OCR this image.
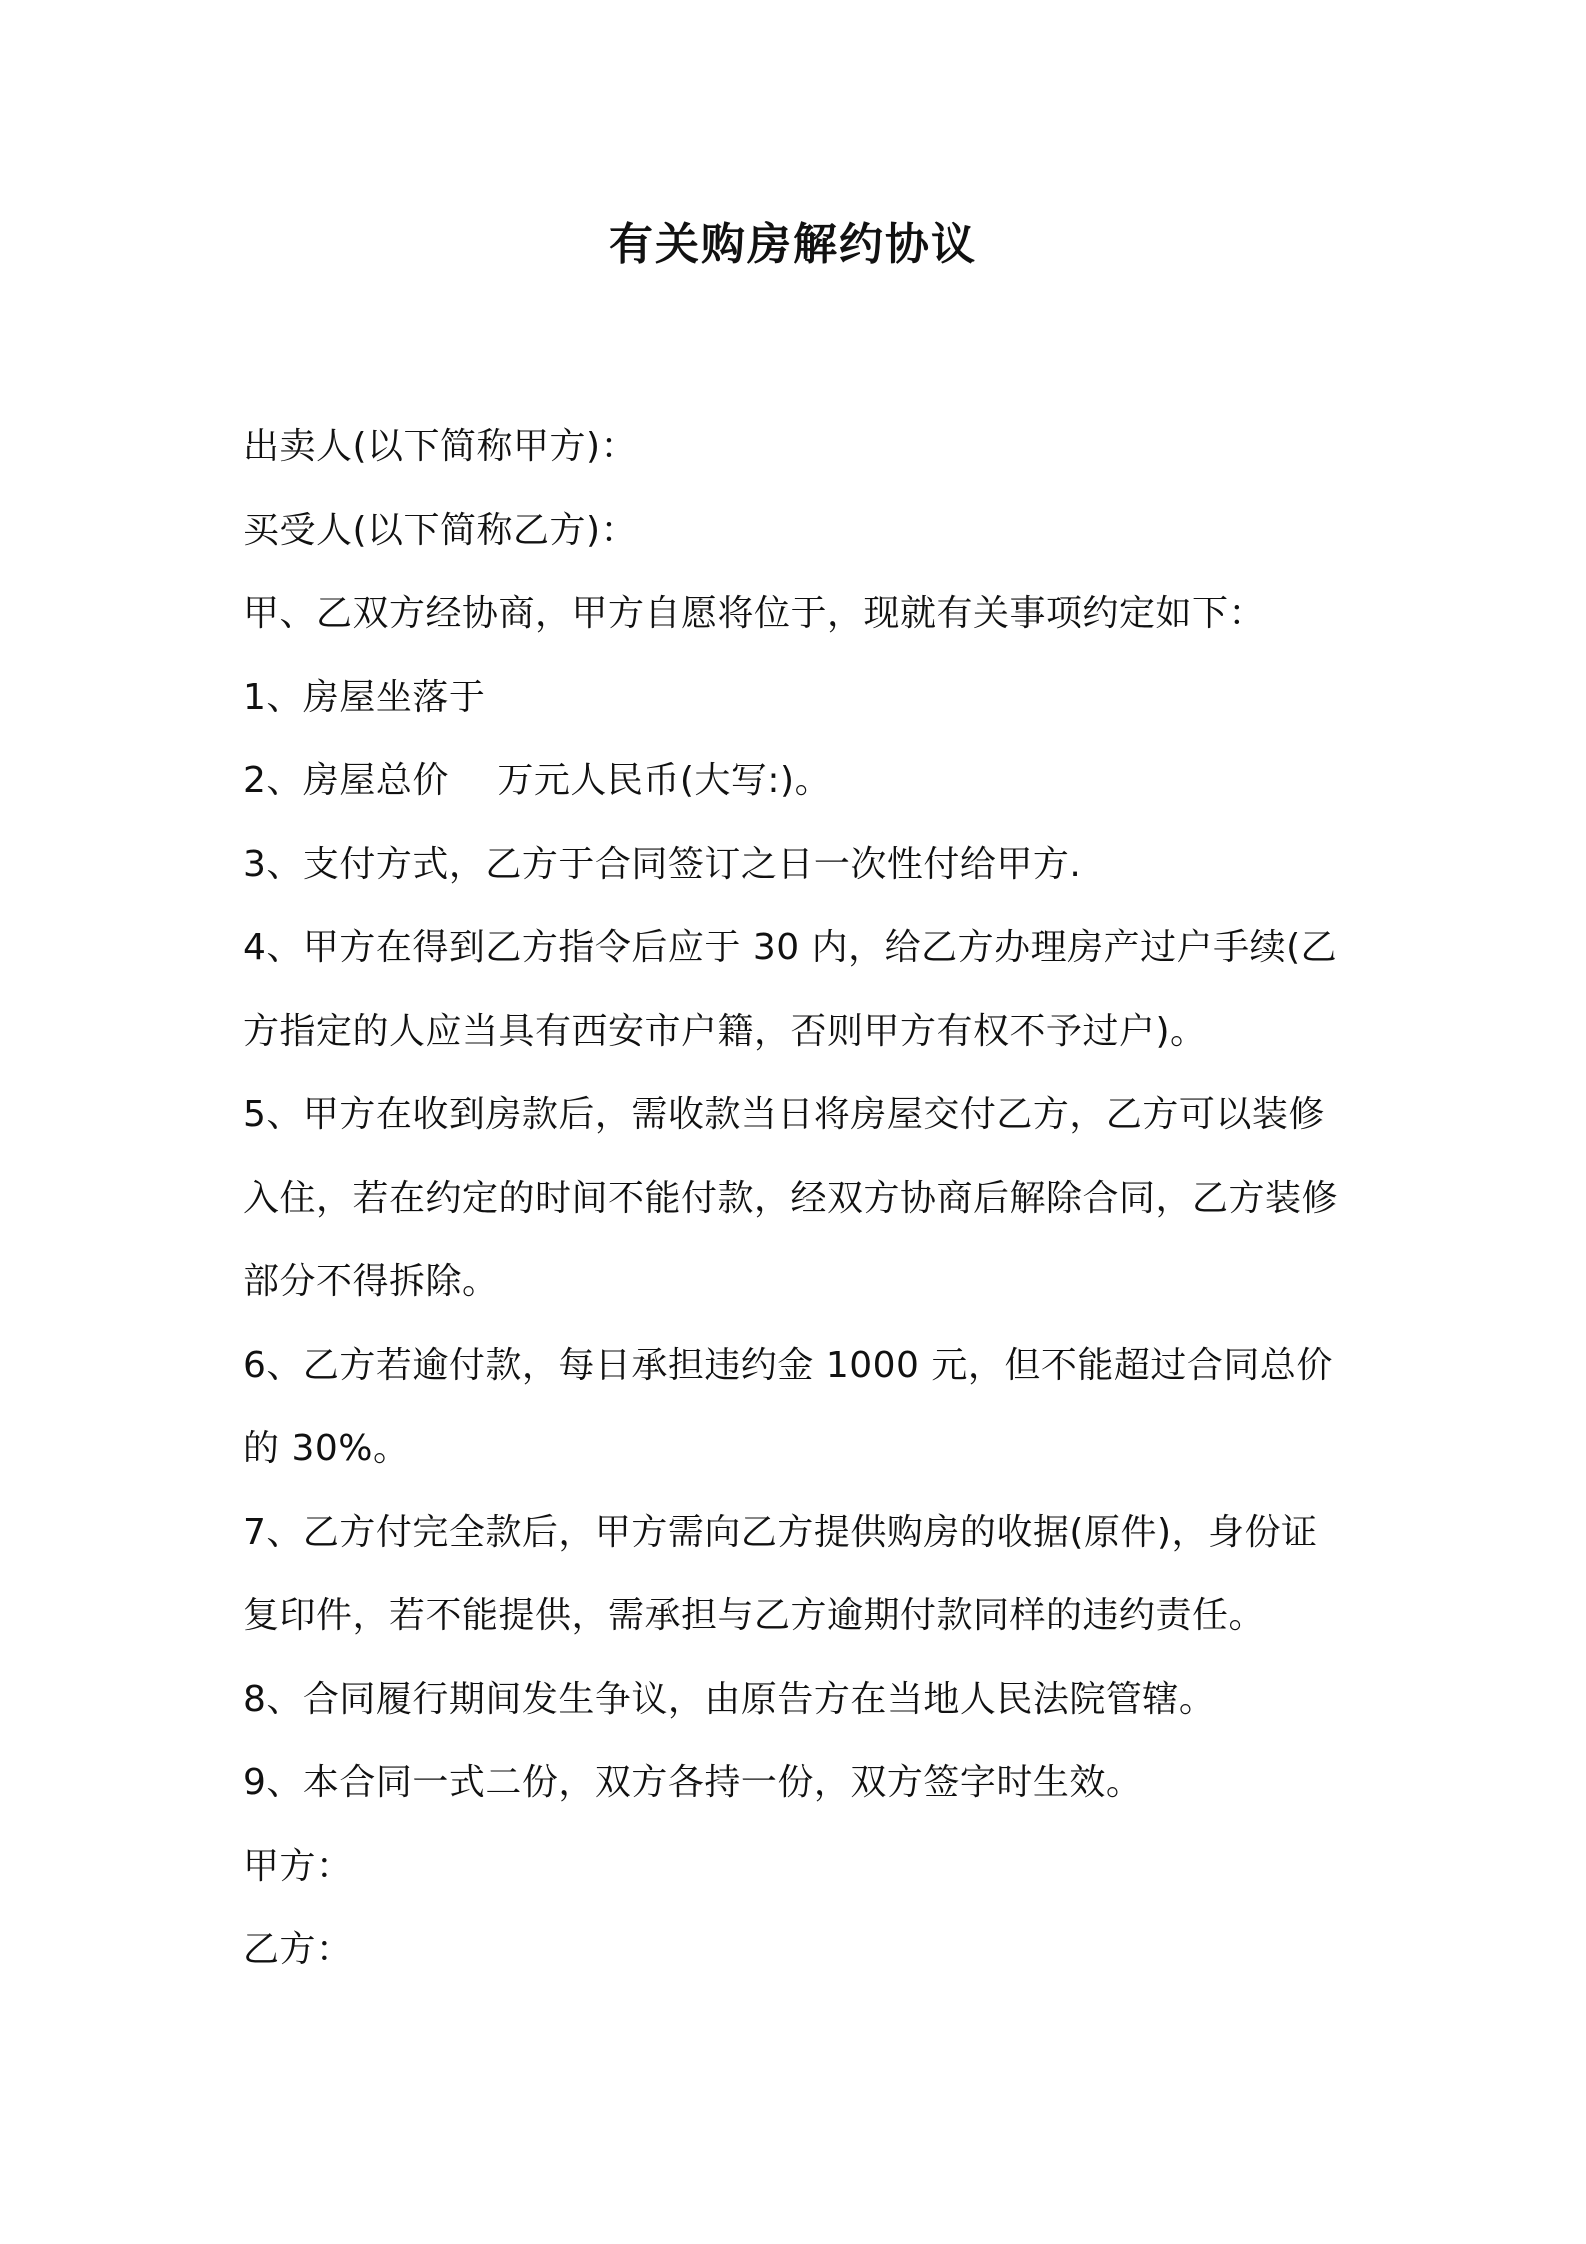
有关购房解约协议

出卖人(以下简称甲方)：

买受人(以下简称乙方)：

甲、乙双方经协商，甲方自愿将位于，现就有关事项约定如下：

1、房屋坐落于

2、房屋总价　 万元人民币(大写:)。

3、支付方式，乙方于合同签订之日一次性付给甲方.

4、甲方在得到乙方指令后应于 30 内，给乙方办理房产过户手续(乙

方指定的人应当具有西安市户籍，否则甲方有权不予过户)。

5、甲方在收到房款后，需收款当日将房屋交付乙方，乙方可以装修

入住，若在约定的时间不能付款，经双方协商后解除合同，乙方装修

部分不得拆除。

6、乙方若逾付款，每日承担违约金 1000 元，但不能超过合同总价

的 30%。

7、乙方付完全款后，甲方需向乙方提供购房的收据(原件)，身份证

复印件，若不能提供，需承担与乙方逾期付款同样的违约责任。

8、合同履行期间发生争议，由原告方在当地人民法院管辖。

9、本合同一式二份，双方各持一份，双方签字时生效。

甲方：

乙方：
